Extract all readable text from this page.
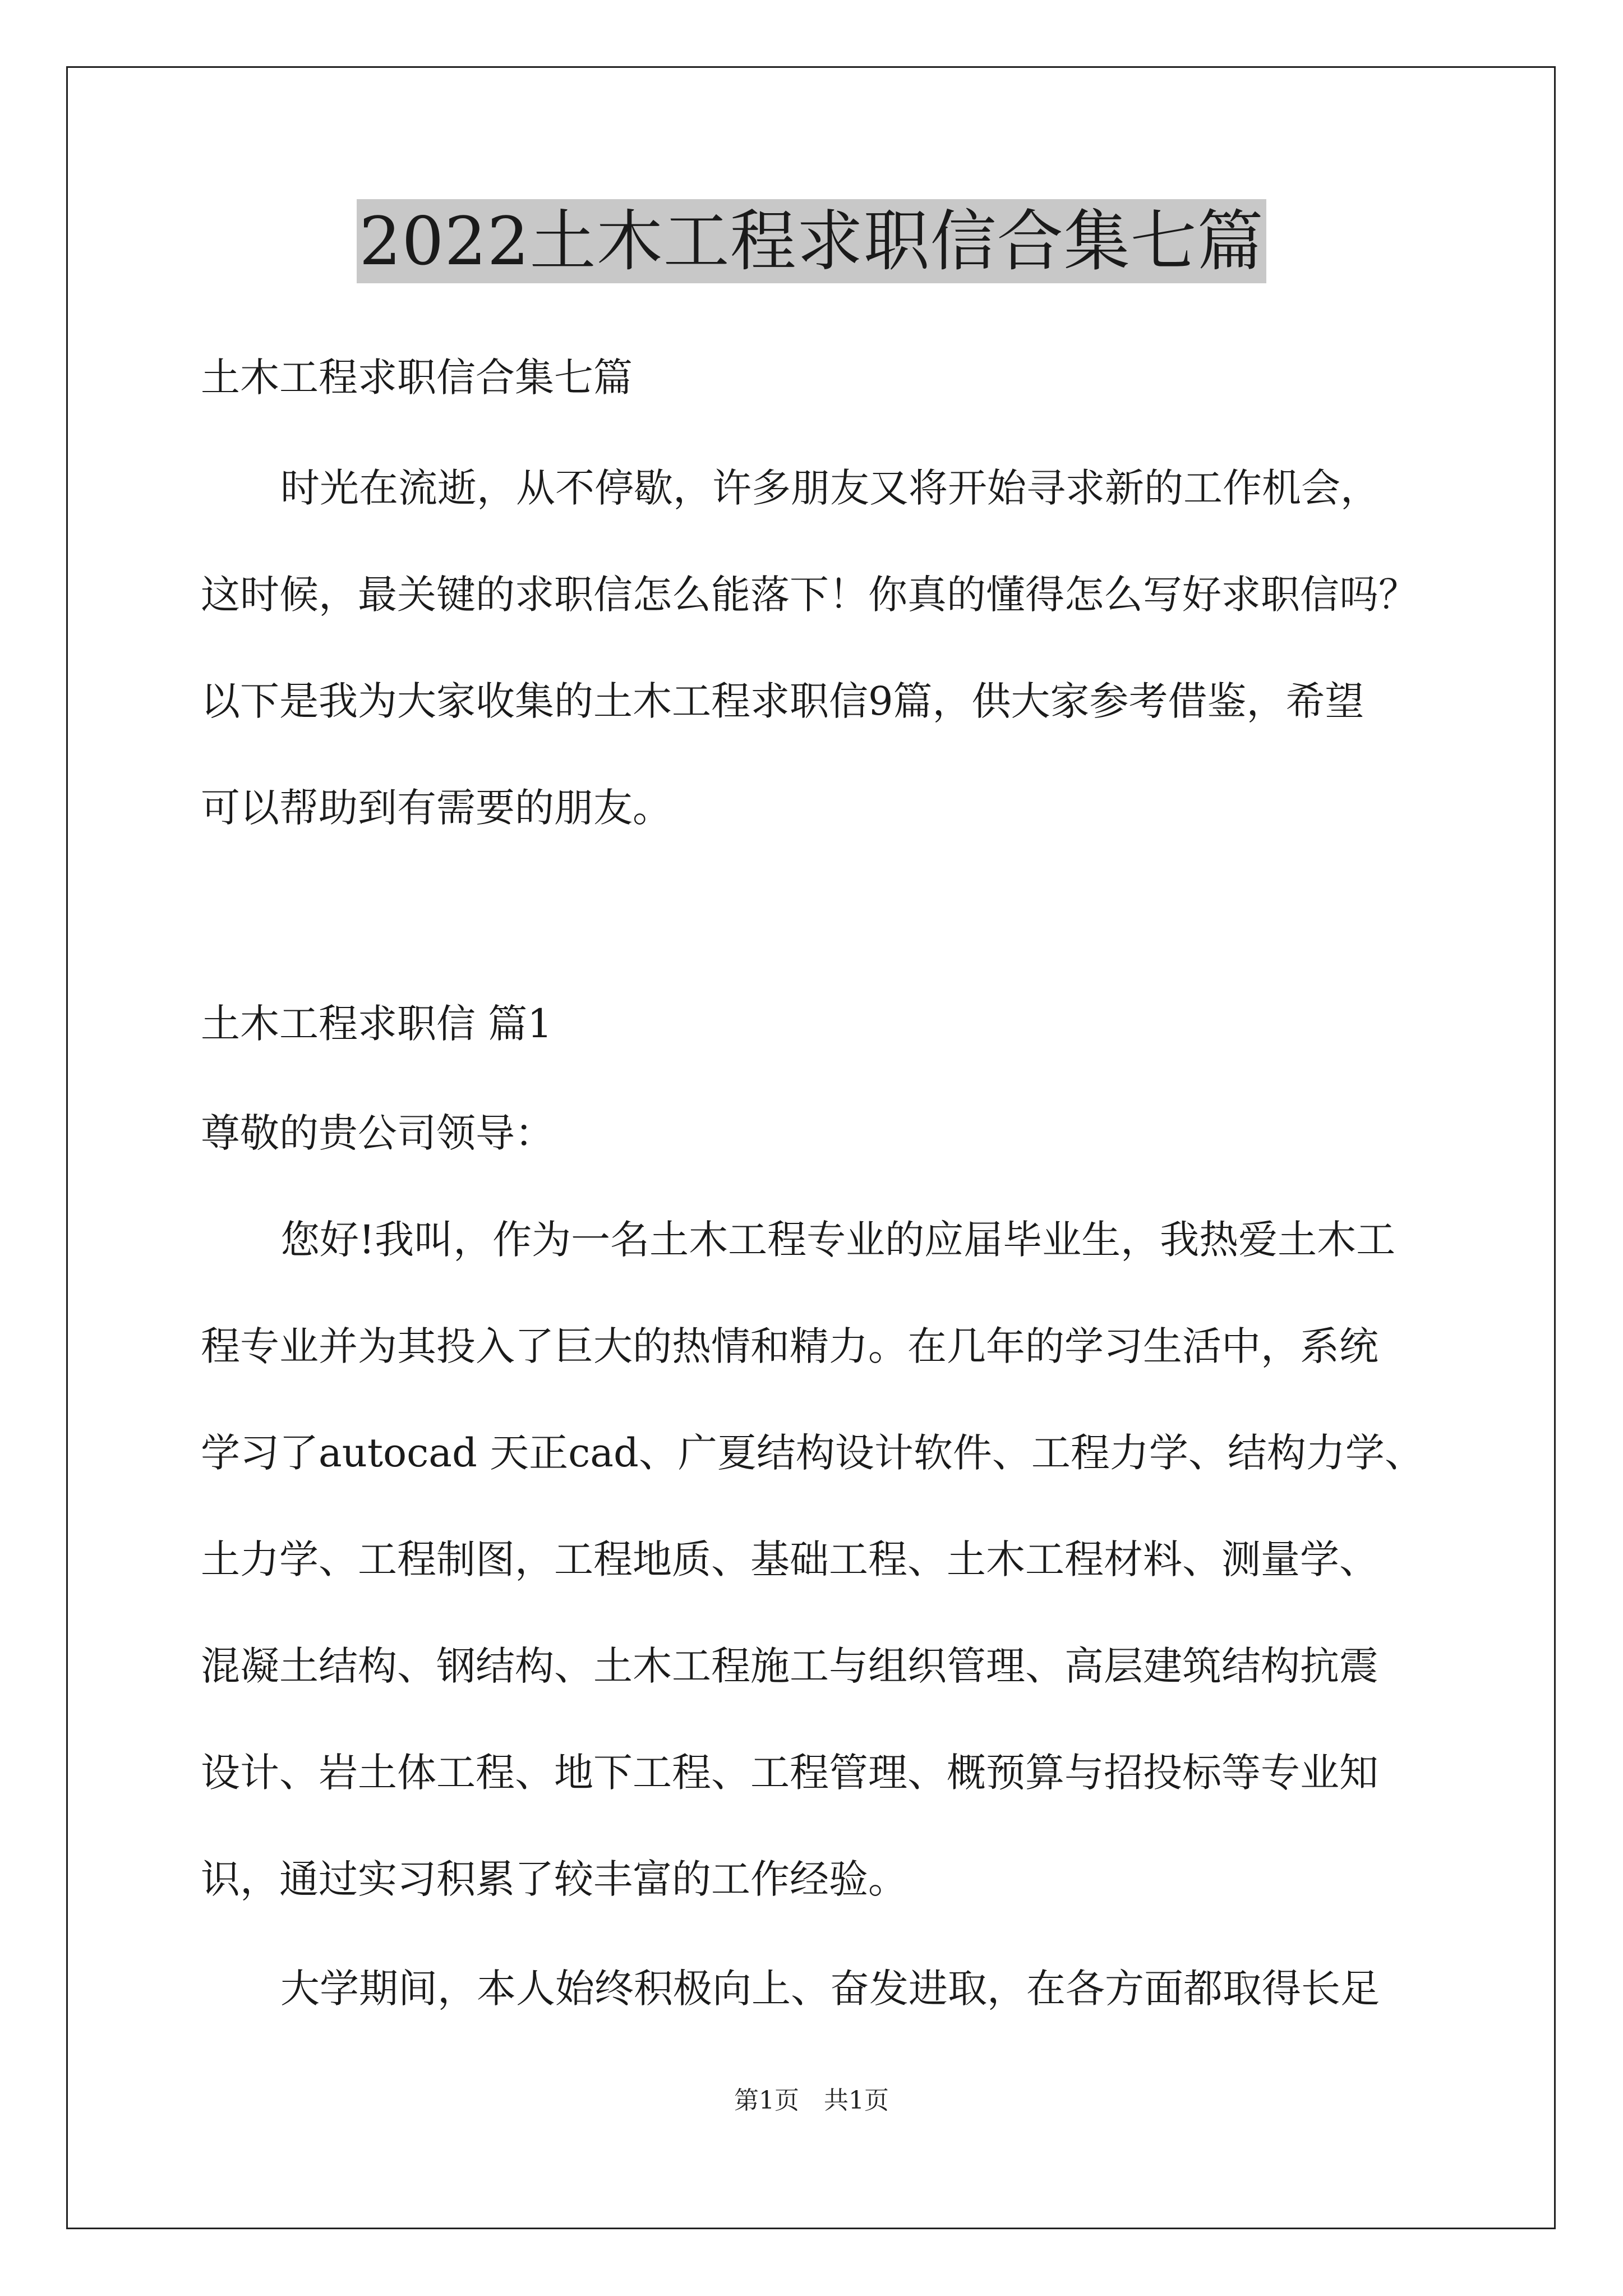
2022土木工程求职信合集七篇
土木工程求职信合集七篇
时光在流逝，从不停歇，许多朋友又将开始寻求新的工作机会，
这时候，最关键的求职信怎么能落下！你真的懂得怎么写好求职信吗？
以下是我为大家收集的土木工程求职信9篇，供大家参考借鉴，希望
可以帮助到有需要的朋友。
土木工程求职信 篇1
尊敬的贵公司领导：
您好!我叫，作为一名土木工程专业的应届毕业生，我热爱土木工
程专业并为其投入了巨大的热情和精力。在几年的学习生活中，系统
学习了autocad 天正cad、广夏结构设计软件、工程力学、结构力学、
土力学、工程制图，工程地质、基础工程、土木工程材料、测量学、
混凝土结构、钢结构、土木工程施工与组织管理、高层建筑结构抗震
设计、岩土体工程、地下工程、工程管理、概预算与招投标等专业知
识，通过实习积累了较丰富的工作经验。
大学期间，本人始终积极向上、奋发进取，在各方面都取得长足
第1页　共1页
